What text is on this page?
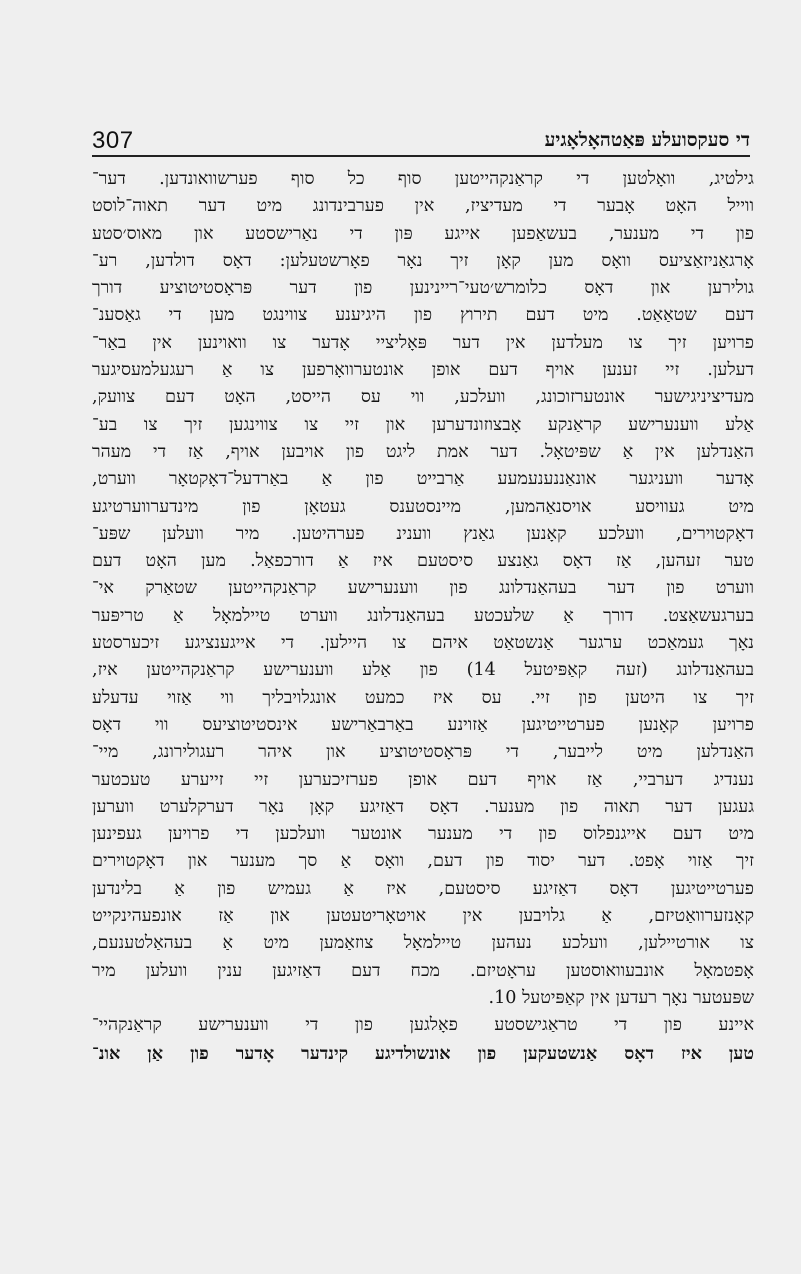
307	די סעקסועלע פּאַטהאָלאָגיע
גילטיג, וואָלטען די קראַנקהייטען סוף כל סוף פערשוואונדען. דער־
ווייל האָט אָבער די מעדיציז, אין פערבינדונג מיט דער תאוה־לוסט
פון די מענער, בעשאַפען אייגע פּון די נאַרישסטע און מאוס׳סטע
אָרגאַניזאַציעס וואָס מען קאָן זיך נאָר פאָרשטעלען: דאָס דולדען, רע־
גולירען און דאָס כלומרש׳טעי־ריינינען פון דער פּראָסטיטוציע דורך
דעם שטאַאַט. מיט דעם תירוץ פון היגיענע צווינגט מען די גאַסענ־
פרויען זיך צו מעלדען אין דער פּאָליציי אָדער צו וואוינען אין באַר־
דעלען. זיי זענען אויף דעם אופן אונטערוואָרפען צו אַ רעגעלמעסיגער
מעדיציניגישער אונטערזוכונג, וועלכע, ווי עס הייסט, האָט דעם צוועק,
אַלע ווענערישע קראַנקע אָבצוזונדערען און זיי צו צווינגען זיך צו בע־
האַנדלען אין אַ שפּיטאָל. דער אמת ליגט פון אויבען אויף, אַז די מעהר
אָדער וועניגער אונאַננענעמעע אַרבייט פון אַ באַרדעל־דאָקטאָר ווערט,
מיט געוויסע אויסנאַהמען, מיינסטענס געטאָן פון מינדערווערטיגע
דאָקטוירים, וועלכע קאָנען גאַנץ ווענינ פערהיטען. מיר וועלען שפּע־
טער זעהען, אַז דאָס גאַנצע סיסטעם איז אַ דורכפאַל. מען האָט דעם
ווערט פון דער בעהאַנדלונג פון ווענערישע קראַנקהייטען שטאַרק אי־
בערגעשאַצט. דורך אַ שלעכטע בעהאַנדלונג ווערט טיילמאָל אַ טריפּער
נאָך געמאַכט ערגער אַנשטאַט איהם צו היילען. די אייגענציגע זיכערסטע
בעהאַנדלונג (זעה קאַפּיטעל 14) פון אַלע ווענערישע קראַנקהייטען איז,
זיך צו היטען פון זיי. עס איז כמעט אונגלויבליך ווי אַזוי עדעלע
פרויען קאָנען פערטייטיגען אַזוינע באַרבאַרישע אינסטיטוציעס ווי דאָס
האַנדלען מיט לייבער, די פּראָסטיטוציע און איהר רעגולירונג, מיי־
נענדיג דערביי, אַז אויף דעם אופן פערזיכערען זיי זייערע טעכטער
געגען דער תאוה פון מענער. דאָס דאַזיגע קאָן נאָר דערקלערט ווערען
מיט דעם אייגנפלוס פון די מענער אונטער וועלכען די פרויען געפינען
זיך אַזוי אָפט. דער יסוד פון דעם, וואָס אַ סך מענער און דאָקטוירים
פערטייטיגען דאָס דאַזיגע סיסטעם, איז אַ געמיש פון אַ בלינדען
קאָנזערוואַטיזם, אַ גלויבען אין אויטאָריטעטען און אַז אונפעהינקייט
צו אורטיילען, וועלכע נעהען טיילמאָל צוזאַמען מיט אַ בעהאַלטענעם,
אָפטמאָל אונבעוואוסטען עראָטיזם. מכח דעם דאַזיגען ענין וועלען מיר
שפּעטער נאָך רעדען אין קאַפּיטעל 10.
איינע פון די טראַגישסטע פאָלגען פון די ווענערישע קראַנקהיי־
טען איז דאָס אַנשטעקען פון אונשולדיגע קינדער אָדער פון אַן אונ־
